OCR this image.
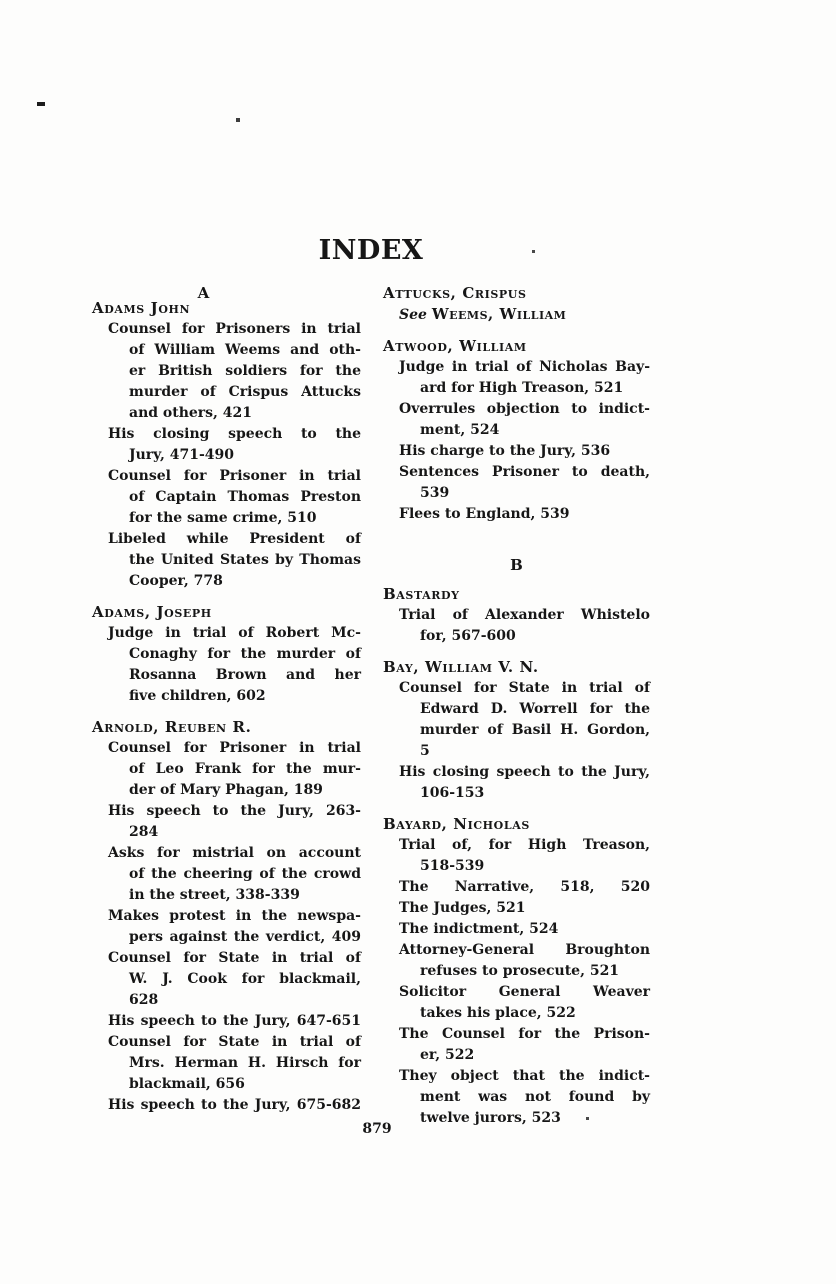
INDEX
A
Adams John
Counsel for Prisoners in trial
of William Weems and oth-
er British soldiers for the
murder of Crispus Attucks
and others, 421
His closing speech to the
Jury, 471-490
Counsel for Prisoner in trial
of Captain Thomas Preston
for the same crime, 510
Libeled while President of
the United States by Thomas
Cooper, 778
Adams, Joseph
Judge in trial of Robert Mc-
Conaghy for the murder of
Rosanna Brown and her
five children, 602
Arnold, Reuben R.
Counsel for Prisoner in trial
of Leo Frank for the mur-
der of Mary Phagan, 189
His speech to the Jury, 263-
284
Asks for mistrial on account
of the cheering of the crowd
in the street, 338-339
Makes protest in the newspa-
pers against the verdict, 409
Counsel for State in trial of
W. J. Cook for blackmail,
628
His speech to the Jury, 647-651
Counsel for State in trial of
Mrs. Herman H. Hirsch for
blackmail, 656
His speech to the Jury, 675-682
Attucks, Crispus
See Weems, William
Atwood, William
Judge in trial of Nicholas Bay-
ard for High Treason, 521
Overrules objection to indict-
ment, 524
His charge to the Jury, 536
Sentences Prisoner to death,
539
Flees to England, 539
B
Bastardy
Trial of Alexander Whistelo
for, 567-600
Bay, William V. N.
Counsel for State in trial of
Edward D. Worrell for the
murder of Basil H. Gordon,
5
His closing speech to the Jury,
106-153
Bayard, Nicholas
Trial of, for High Treason,
518-539
The Narrative, 518, 520
The Judges, 521
The indictment, 524
Attorney-General Broughton
refuses to prosecute, 521
Solicitor General Weaver
takes his place, 522
The Counsel for the Prison-
er, 522
They object that the indict-
ment was not found by
twelve jurors, 523
879
